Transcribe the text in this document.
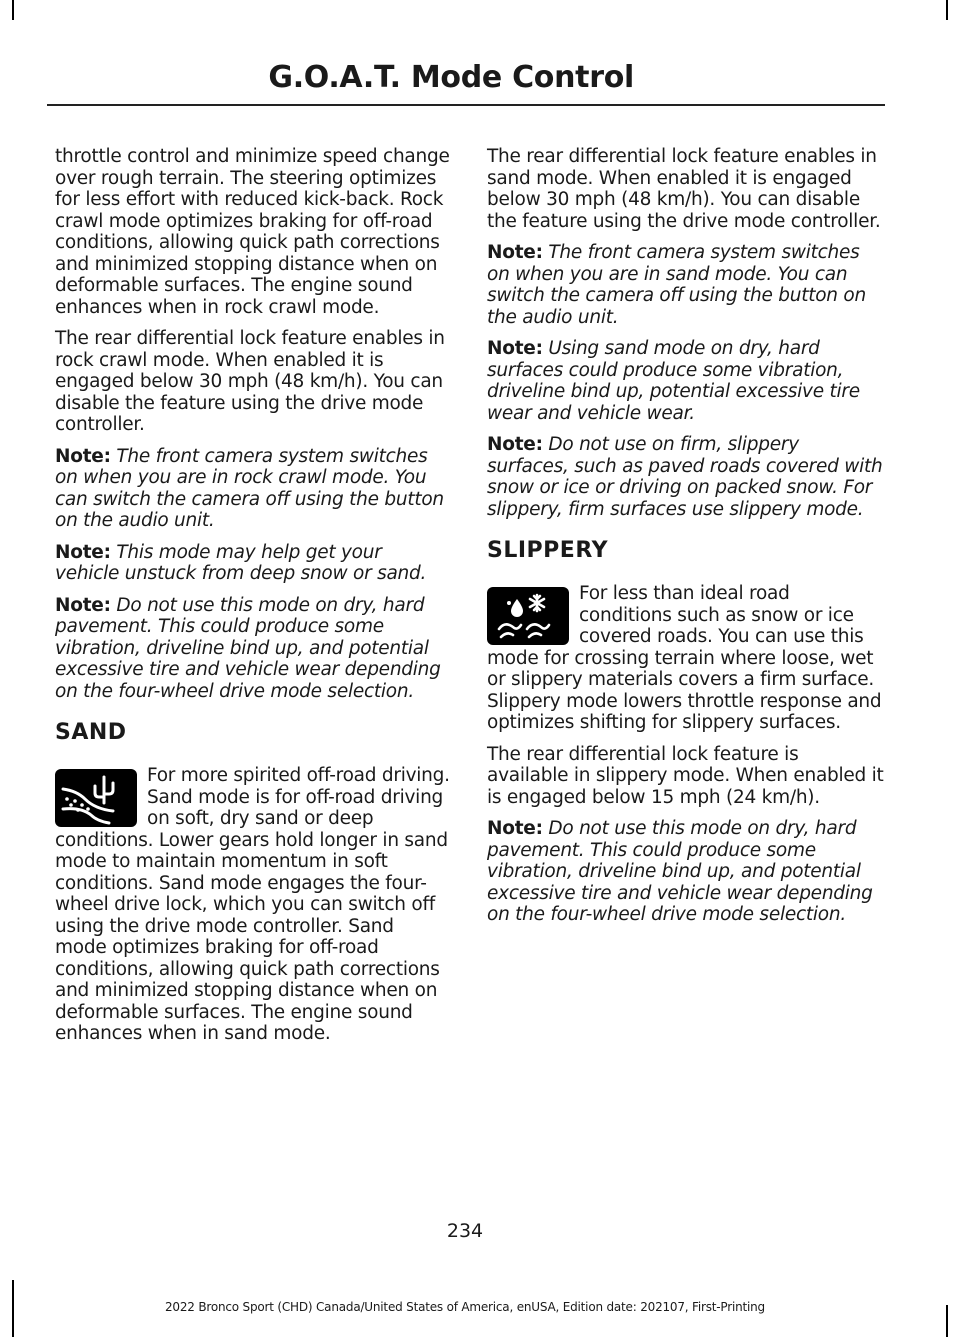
G.O.A.T. Mode Control

throttle control and minimize speed change over rough terrain. The steering optimizes for less effort with reduced kick-back. Rock crawl mode optimizes braking for off-road conditions, allowing quick path corrections and minimized stopping distance when on deformable surfaces. The engine sound enhances when in rock crawl mode.

The rear differential lock feature enables in rock crawl mode. When enabled it is engaged below 30 mph (48 km/h). You can disable the feature using the drive mode controller.

Note: The front camera system switches on when you are in rock crawl mode. You can switch the camera off using the button on the audio unit.

Note: This mode may help get your vehicle unstuck from deep snow or sand.

Note: Do not use this mode on dry, hard pavement. This could produce some vibration, driveline bind up, and potential excessive tire and vehicle wear depending on the four-wheel drive mode selection.

SAND

For more spirited off-road driving. Sand mode is for off-road driving on soft, dry sand or deep conditions. Lower gears hold longer in sand mode to maintain momentum in soft conditions. Sand mode engages the four-wheel drive lock, which you can switch off using the drive mode controller. Sand mode optimizes braking for off-road conditions, allowing quick path corrections and minimized stopping distance when on deformable surfaces. The engine sound enhances when in sand mode.

The rear differential lock feature enables in sand mode. When enabled it is engaged below 30 mph (48 km/h). You can disable the feature using the drive mode controller.

Note: The front camera system switches on when you are in sand mode. You can switch the camera off using the button on the audio unit.

Note: Using sand mode on dry, hard surfaces could produce some vibration, driveline bind up, potential excessive tire wear and vehicle wear.

Note: Do not use on firm, slippery surfaces, such as paved roads covered with snow or ice or driving on packed snow. For slippery, firm surfaces use slippery mode.

SLIPPERY

For less than ideal road conditions such as snow or ice covered roads. You can use this mode for crossing terrain where loose, wet or slippery materials covers a firm surface. Slippery mode lowers throttle response and optimizes shifting for slippery surfaces.

The rear differential lock feature is available in slippery mode. When enabled it is engaged below 15 mph (24 km/h).

Note: Do not use this mode on dry, hard pavement. This could produce some vibration, driveline bind up, and potential excessive tire and vehicle wear depending on the four-wheel drive mode selection.

234
2022 Bronco Sport (CHD) Canada/United States of America, enUSA, Edition date: 202107, First-Printing
